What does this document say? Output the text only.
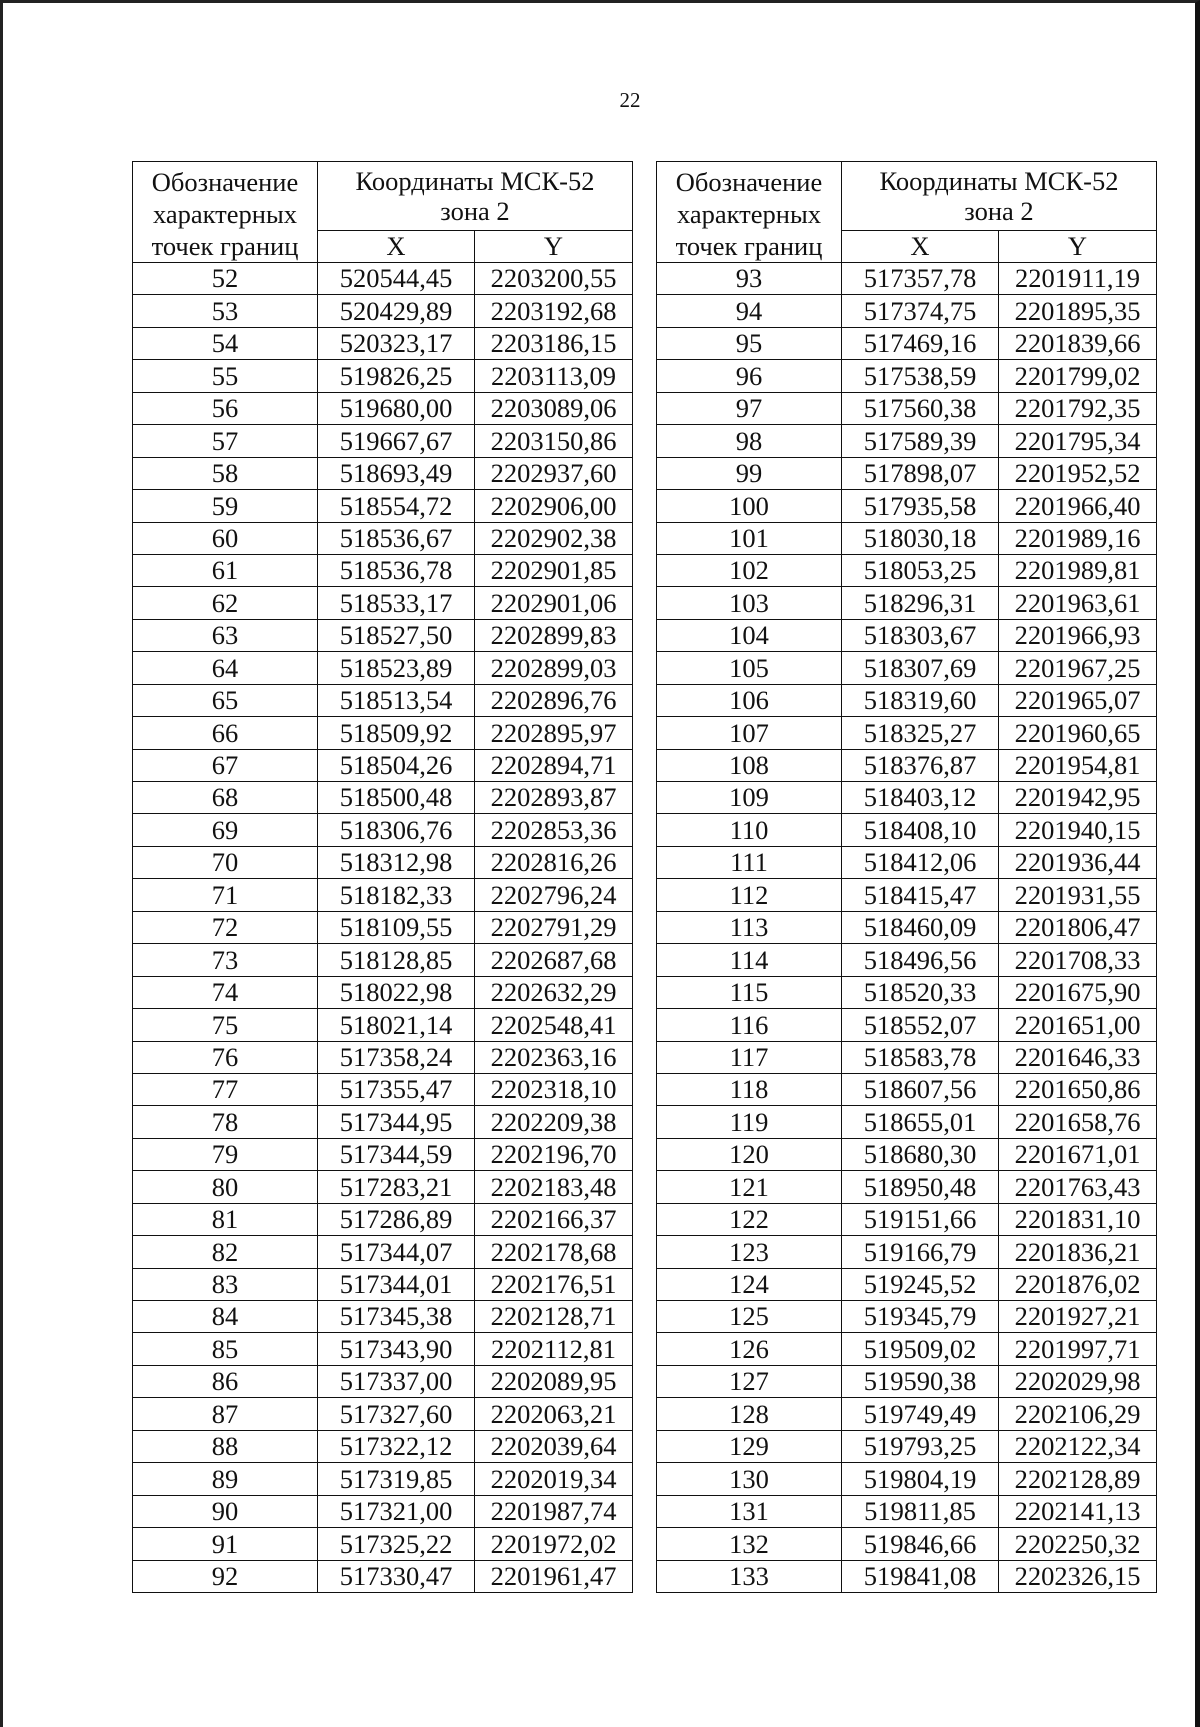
22
Обозначение
характерных
точек границ	Координаты МСК-52
зона 2	
	X	Y
52	520544,45	2203200,55
53	520429,89	2203192,68
54	520323,17	2203186,15
55	519826,25	2203113,09
56	519680,00	2203089,06
57	519667,67	2203150,86
58	518693,49	2202937,60
59	518554,72	2202906,00
60	518536,67	2202902,38
61	518536,78	2202901,85
62	518533,17	2202901,06
63	518527,50	2202899,83
64	518523,89	2202899,03
65	518513,54	2202896,76
66	518509,92	2202895,97
67	518504,26	2202894,71
68	518500,48	2202893,87
69	518306,76	2202853,36
70	518312,98	2202816,26
71	518182,33	2202796,24
72	518109,55	2202791,29
73	518128,85	2202687,68
74	518022,98	2202632,29
75	518021,14	2202548,41
76	517358,24	2202363,16
77	517355,47	2202318,10
78	517344,95	2202209,38
79	517344,59	2202196,70
80	517283,21	2202183,48
81	517286,89	2202166,37
82	517344,07	2202178,68
83	517344,01	2202176,51
84	517345,38	2202128,71
85	517343,90	2202112,81
86	517337,00	2202089,95
87	517327,60	2202063,21
88	517322,12	2202039,64
89	517319,85	2202019,34
90	517321,00	2201987,74
91	517325,22	2201972,02
92	517330,47	2201961,47
Обозначение
характерных
точек границ	Координаты МСК-52
зона 2	
	X	Y
93	517357,78	2201911,19
94	517374,75	2201895,35
95	517469,16	2201839,66
96	517538,59	2201799,02
97	517560,38	2201792,35
98	517589,39	2201795,34
99	517898,07	2201952,52
100	517935,58	2201966,40
101	518030,18	2201989,16
102	518053,25	2201989,81
103	518296,31	2201963,61
104	518303,67	2201966,93
105	518307,69	2201967,25
106	518319,60	2201965,07
107	518325,27	2201960,65
108	518376,87	2201954,81
109	518403,12	2201942,95
110	518408,10	2201940,15
111	518412,06	2201936,44
112	518415,47	2201931,55
113	518460,09	2201806,47
114	518496,56	2201708,33
115	518520,33	2201675,90
116	518552,07	2201651,00
117	518583,78	2201646,33
118	518607,56	2201650,86
119	518655,01	2201658,76
120	518680,30	2201671,01
121	518950,48	2201763,43
122	519151,66	2201831,10
123	519166,79	2201836,21
124	519245,52	2201876,02
125	519345,79	2201927,21
126	519509,02	2201997,71
127	519590,38	2202029,98
128	519749,49	2202106,29
129	519793,25	2202122,34
130	519804,19	2202128,89
131	519811,85	2202141,13
132	519846,66	2202250,32
133	519841,08	2202326,15
